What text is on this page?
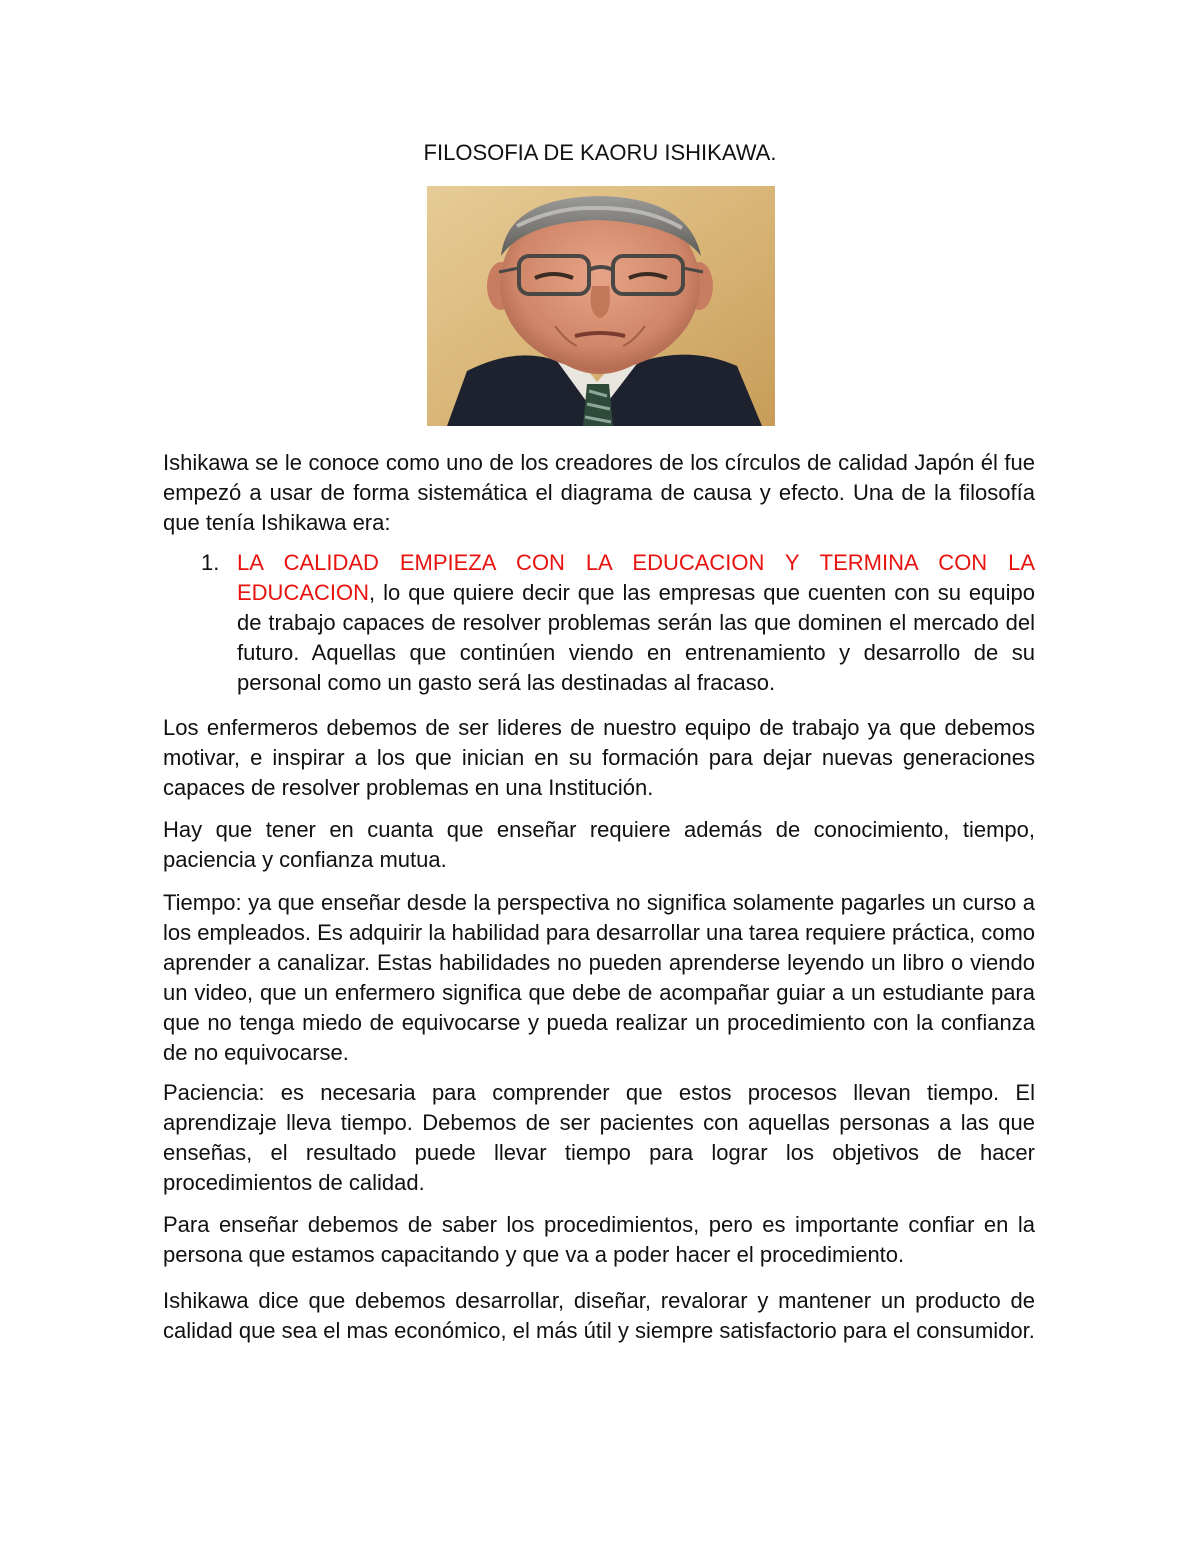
FILOSOFIA DE KAORU ISHIKAWA.

Ishikawa se le conoce como uno de los creadores de los círculos de calidad Japón él fue empezó a usar de forma sistemática el diagrama de causa y efecto. Una de la filosofía que tenía Ishikawa era:

1. LA CALIDAD EMPIEZA CON LA EDUCACION Y TERMINA CON LA EDUCACION, lo que quiere decir que las empresas que cuenten con su equipo de trabajo capaces de resolver problemas serán las que dominen el mercado del futuro. Aquellas que continúen viendo en entrenamiento y desarrollo de su personal como un gasto será las destinadas al fracaso.

Los enfermeros debemos de ser lideres de nuestro equipo de trabajo ya que debemos motivar, e inspirar a los que inician en su formación para dejar nuevas generaciones capaces de resolver problemas en una Institución.

Hay que tener en cuanta que enseñar requiere además de conocimiento, tiempo, paciencia y confianza mutua.

Tiempo: ya que enseñar desde la perspectiva no significa solamente pagarles un curso a los empleados. Es adquirir la habilidad para desarrollar una tarea requiere práctica, como aprender a canalizar. Estas habilidades no pueden aprenderse leyendo un libro o viendo un video, que un enfermero significa que debe de acompañar guiar a un estudiante para que no tenga miedo de equivocarse y pueda realizar un procedimiento con la confianza de no equivocarse.

Paciencia: es necesaria para comprender que estos procesos llevan tiempo. El aprendizaje lleva tiempo. Debemos de ser pacientes con aquellas personas a las que enseñas, el resultado puede llevar tiempo para lograr los objetivos de hacer procedimientos de calidad.

Para enseñar debemos de saber los procedimientos, pero es importante confiar en la persona que estamos capacitando y que va a poder hacer el procedimiento.

Ishikawa dice que debemos desarrollar, diseñar, revalorar y mantener un producto de calidad que sea el mas económico, el más útil y siempre satisfactorio para el consumidor.
